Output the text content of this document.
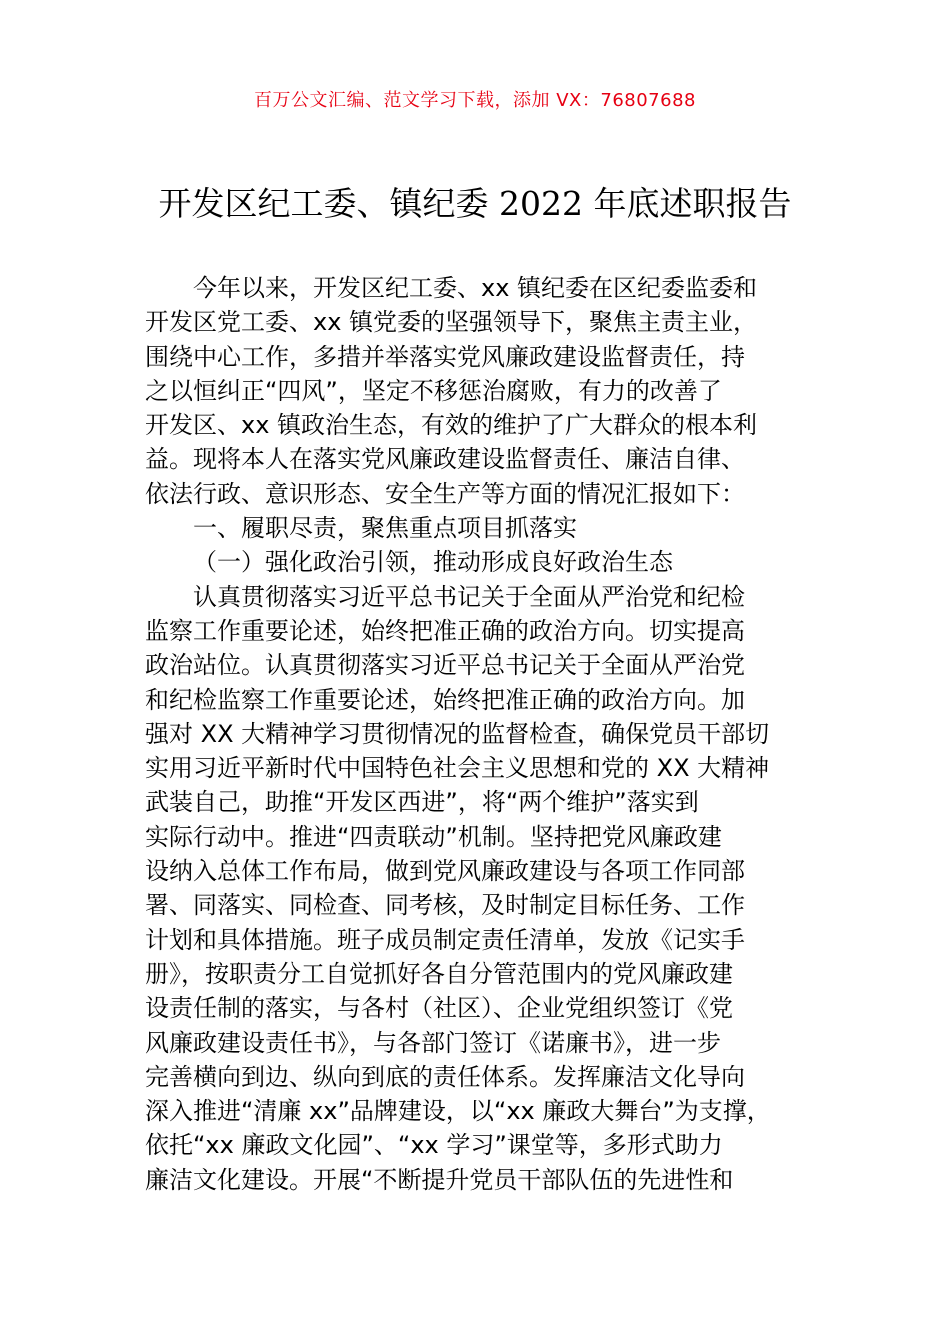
百万公文汇编、范文学习下载，添加 VX：76807688
开发区纪工委、镇纪委 2022 年底述职报告
今年以来，开发区纪工委、xx 镇纪委在区纪委监委和
开发区党工委、xx 镇党委的坚强领导下，聚焦主责主业，
围绕中心工作，多措并举落实党风廉政建设监督责任，持
之以恒纠正“四风”，坚定不移惩治腐败，有力的改善了
开发区、xx 镇政治生态，有效的维护了广大群众的根本利
益。现将本人在落实党风廉政建设监督责任、廉洁自律、
依法行政、意识形态、安全生产等方面的情况汇报如下：
一、履职尽责，聚焦重点项目抓落实
（一）强化政治引领，推动形成良好政治生态
认真贯彻落实习近平总书记关于全面从严治党和纪检
监察工作重要论述，始终把准正确的政治方向。切实提高
政治站位。认真贯彻落实习近平总书记关于全面从严治党
和纪检监察工作重要论述，始终把准正确的政治方向。加
强对 XX 大精神学习贯彻情况的监督检查，确保党员干部切
实用习近平新时代中国特色社会主义思想和党的 XX 大精神
武装自己，助推“开发区西进”，将“两个维护”落实到
实际行动中。推进“四责联动”机制。坚持把党风廉政建
设纳入总体工作布局，做到党风廉政建设与各项工作同部
署、同落实、同检查、同考核，及时制定目标任务、工作
计划和具体措施。班子成员制定责任清单，发放《记实手
册》，按职责分工自觉抓好各自分管范围内的党风廉政建
设责任制的落实，与各村（社区）、企业党组织签订《党
风廉政建设责任书》，与各部门签订《诺廉书》，进一步
完善横向到边、纵向到底的责任体系。发挥廉洁文化导向
深入推进“清廉 xx”品牌建设，以“xx 廉政大舞台”为支撑，
依托“xx 廉政文化园”、“xx 学习”课堂等，多形式助力
廉洁文化建设。开展“不断提升党员干部队伍的先进性和
